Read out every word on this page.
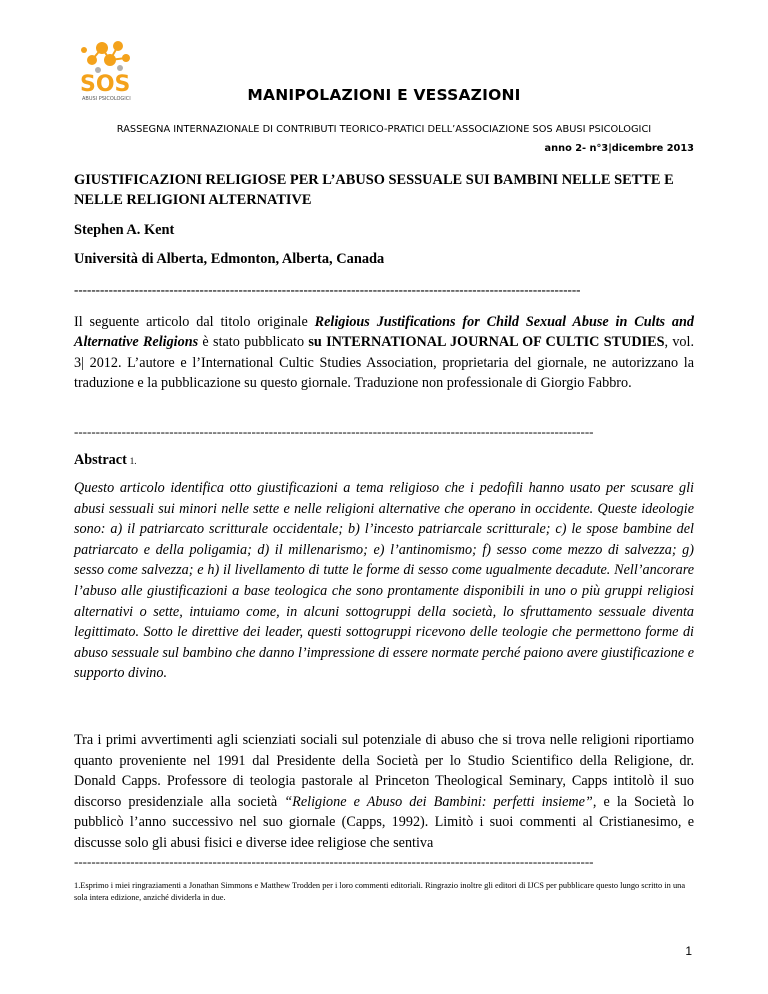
SOS
ABUSI PSICOLOGICI	MANIPOLAZIONI E VESSAZIONI
RASSEGNA INTERNAZIONALE DI CONTRIBUTI TEORICO-PRATICI DELL’ASSOCIAZIONE SOS ABUSI PSICOLOGICI
anno 2- n°3|dicembre 2013
GIUSTIFICAZIONI RELIGIOSE PER L’ABUSO SESSUALE SUI BAMBINI NELLE SETTE E NELLE RELIGIONI ALTERNATIVE
Stephen A. Kent
Università di Alberta, Edmonton, Alberta, Canada
---------------------------------------------------------------------------------------------------------------------
Il seguente articolo dal titolo originale Religious Justifications for Child Sexual Abuse in Cults and Alternative Religions è stato pubblicato su INTERNATIONAL JOURNAL OF CULTIC STUDIES, vol. 3| 2012. L’autore e l’International Cultic Studies Association, proprietaria del giornale, ne autorizzano la traduzione e la pubblicazione su questo giornale. Traduzione non professionale di Giorgio Fabbro.
------------------------------------------------------------------------------------------------------------------------
Abstract 1.
Questo articolo identifica otto giustificazioni a tema religioso che i pedofili hanno usato per scusare gli abusi sessuali sui minori nelle sette e nelle religioni alternative che operano in occidente. Queste ideologie sono: a) il patriarcato scritturale occidentale; b) l’incesto patriarcale scritturale; c) le spose bambine del patriarcato e della poligamia; d) il millenarismo; e) l’antinomismo; f) sesso come mezzo di salvezza; g) sesso come salvezza; e h) il livellamento di tutte le forme di sesso come ugualmente decadute. Nell’ancorare l’abuso alle giustificazioni a base teologica che sono prontamente disponibili in uno o più gruppi religiosi alternativi o sette, intuiamo come, in alcuni sottogruppi della società, lo sfruttamento sessuale diventa legittimato. Sotto le direttive dei leader, questi sottogruppi ricevono delle teologie che permettono forme di abuso sessuale sul bambino che danno l’impressione di essere normate perché paiono avere giustificazione e supporto divino.
Tra i primi avvertimenti agli scienziati sociali sul potenziale di abuso che si trova nelle religioni riportiamo quanto proveniente nel 1991 dal Presidente della Società per lo Studio Scientifico della Religione, dr. Donald Capps. Professore di teologia pastorale al Princeton Theological Seminary, Capps intitolò il suo discorso presidenziale alla società “Religione e Abuso dei Bambini: perfetti insieme”, e la Società lo pubblicò l’anno successivo nel suo giornale (Capps, 1992). Limitò i suoi commenti al Cristianesimo, e discusse solo gli abusi fisici e diverse idee religiose che sentiva
------------------------------------------------------------------------------------------------------------------------
1.Esprimo i miei ringraziamenti a Jonathan Simmons e Matthew Trodden per i loro commenti editoriali. Ringrazio inoltre gli editori di IJCS per pubblicare questo lungo scritto in una sola intera edizione, anziché dividerla in due.
1
